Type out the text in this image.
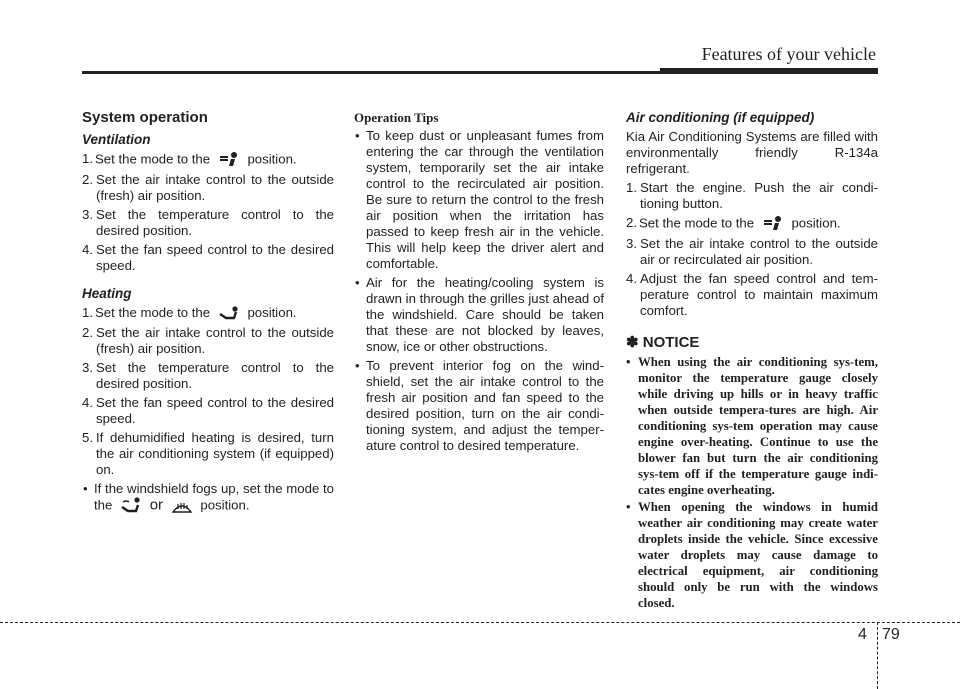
Features of your vehicle
System operation
Ventilation
1. Set the mode to the	position.
2. Set the air intake control to the outside (fresh) air position.
3. Set the temperature control to the desired position.
4. Set the fan speed control to the desired speed.
Heating
1. Set the mode to the	position.
2. Set the air intake control to the outside (fresh) air position.
3. Set the temperature control to the desired position.
4. Set the fan speed control to the desired speed.
5. If dehumidified heating is desired, turn the air conditioning system (if equipped) on.
• If the windshield fogs up, set the mode to the or	position.
Operation Tips
• To keep dust or unpleasant fumes from entering the car through the ventilation system, temporarily set the air intake control to the recirculated air position. Be sure to return the control to the fresh air position when the irritation has passed to keep fresh air in the vehicle. This will help keep the driver alert and comfortable.
• Air for the heating/cooling system is drawn in through the grilles just ahead of the windshield. Care should be taken that these are not blocked by leaves, snow, ice or other obstructions.
• To prevent interior fog on the wind-shield, set the air intake control to the fresh air position and fan speed to the desired position, turn on the air condi-tioning system, and adjust the temper-ature control to desired temperature.
Air conditioning (if equipped)

Kia Air Conditioning Systems are filled with environmentally friendly R-134a refrigerant.

1. Start the engine. Push the air condi-tioning button.
2. Set the mode to the	position.
3. Set the air intake control to the outside air or recirculated air position.
4. Adjust the fan speed control and tem-perature control to maintain maximum comfort.
✽ NOTICE
• When using the air conditioning sys-tem, monitor the temperature gauge closely while driving up hills or in heavy traffic when outside tempera-tures are high. Air conditioning sys-tem operation may cause engine over-heating. Continue to use the blower fan but turn the air conditioning sys-tem off if the temperature gauge indi-cates engine overheating.
• When opening the windows in humid weather air conditioning may create water droplets inside the vehicle. Since excessive water droplets may cause damage to electrical equipment, air conditioning should only be run with the windows closed.
4 79
